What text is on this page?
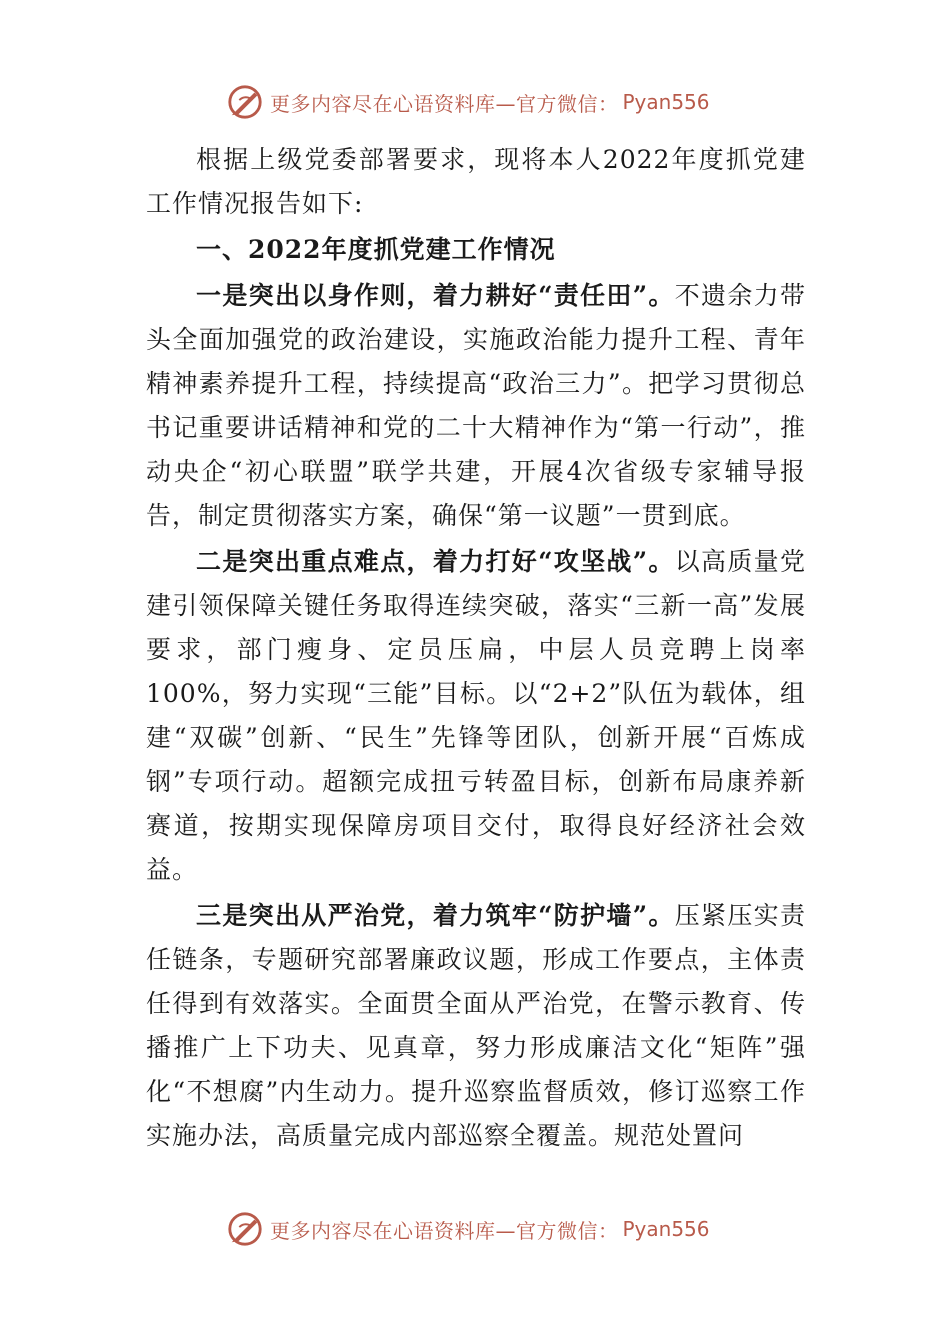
更多内容尽在心语资料库—官方微信： Pyan556

根据上级党委部署要求，现将本人2022年度抓党建工作情况报告如下:

一、2022年度抓党建工作情况

一是突出以身作则，着力耕好“责任田”。不遗余力带头全面加强党的政治建设，实施政治能力提升工程、青年精神素养提升工程，持续提高“政治三力”。把学习贯彻总书记重要讲话精神和党的二十大精神作为“第一行动”，推动央企“初心联盟”联学共建，开展4次省级专家辅导报告，制定贯彻落实方案，确保“第一议题”一贯到底。

二是突出重点难点，着力打好“攻坚战”。以高质量党建引领保障关键任务取得连续突破，落实“三新一高”发展要求，部门瘦身、定员压扁，中层人员竞聘上岗率100%，努力实现“三能”目标。以“2+2”队伍为载体，组建“双碳”创新、“民生”先锋等团队，创新开展“百炼成钢”专项行动。超额完成扭亏转盈目标，创新布局康养新赛道，按期实现保障房项目交付，取得良好经济社会效益。

三是突出从严治党，着力筑牢“防护墙”。压紧压实责任链条，专题研究部署廉政议题，形成工作要点，主体责任得到有效落实。全面贯全面从严治党，在警示教育、传播推广上下功夫、见真章，努力形成廉洁文化“矩阵”强化“不想腐”内生动力。提升巡察监督质效，修订巡察工作实施办法，高质量完成内部巡察全覆盖。规范处置问

更多内容尽在心语资料库—官方微信： Pyan556
